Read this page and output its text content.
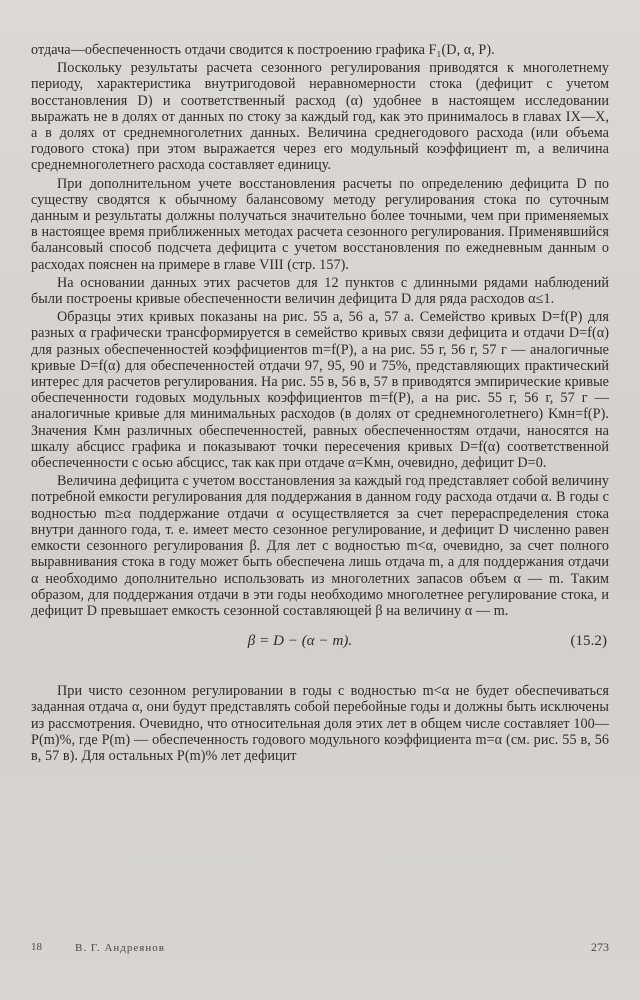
отдача—обеспеченность отдачи сводится к построению графика F₁(D, α, P).

Поскольку результаты расчета сезонного регулирования приводятся к многолетнему периоду, характеристика внутригодовой неравномерности стока (дефицит с учетом восстановления D) и соответственный расход (α) удобнее в настоящем исследовании выражать не в долях от данных по стоку за каждый год, как это принималось в главах IX—X, а в долях от среднемноголетних данных. Величина среднегодового расхода (или объема годового стока) при этом выражается через его модульный коэффициент m, а величина среднемноголетнего расхода составляет единицу.

При дополнительном учете восстановления расчеты по определению дефицита D по существу сводятся к обычному балансовому методу регулирования стока по суточным данным и результаты должны получаться значительно более точными, чем при применяемых в настоящее время приближенных методах расчета сезонного регулирования. Применявшийся балансовый способ подсчета дефицита с учетом восстановления по ежедневным данным о расходах пояснен на примере в главе VIII (стр. 157).

На основании данных этих расчетов для 12 пунктов с длинными рядами наблюдений были построены кривые обеспеченности величин дефицита D для ряда расходов α≤1.

Образцы этих кривых показаны на рис. 55 а, 56 а, 57 а. Семейство кривых D=f(P) для разных α графически трансформируется в семейство кривых связи дефицита и отдачи D=f(α) для разных обеспеченностей коэффициентов m=f(P), а на рис. 55 г, 56 г, 57 г — аналогичные кривые D=f(α) для обеспеченностей отдачи 97, 95, 90 и 75%, представляющих практический интерес для расчетов регулирования. На рис. 55 в, 56 в, 57 в приводятся эмпирические кривые обеспеченности годовых модульных коэффициентов m=f(P), а на рис. 55 г, 56 г, 57 г — аналогичные кривые для минимальных расходов (в долях от среднемноголетнего) Kмн=f(P). Значения Kмн различных обеспеченностей, равных обеспеченностям отдачи, наносятся на шкалу абсцисс графика и показывают точки пересечения кривых D=f(α) соответственной обеспеченности с осью абсцисс, так как при отдаче α=Kмн, очевидно, дефицит D=0.

Величина дефицита с учетом восстановления за каждый год представляет собой величину потребной емкости регулирования для поддержания в данном году расхода отдачи α. В годы с водностью m≥α поддержание отдачи α осуществляется за счет перераспределения стока внутри данного года, т. е. имеет место сезонное регулирование, и дефицит D численно равен емкости сезонного регулирования β. Для лет с водностью m<α, очевидно, за счет полного выравнивания стока в году может быть обеспечена лишь отдача m, а для поддержания отдачи α необходимо дополнительно использовать из многолетних запасов объем α — m. Таким образом, для поддержания отдачи в эти годы необходимо многолетнее регулирование стока, и дефицит D превышает емкость сезонной составляющей β на величину α — m.

β = D − (α − m).	(15.2)

При чисто сезонном регулировании в годы с водностью m<α не будет обеспечиваться заданная отдача α, они будут представлять собой перебойные годы и должны быть исключены из рассмотрения. Очевидно, что относительная доля этих лет в общем числе составляет 100—P(m)%, где P(m) — обеспеченность годового модульного коэффициента m=α (см. рис. 55 в, 56 в, 57 в). Для остальных P(m)% лет дефицит

18	В. Г. Андреянов	273
